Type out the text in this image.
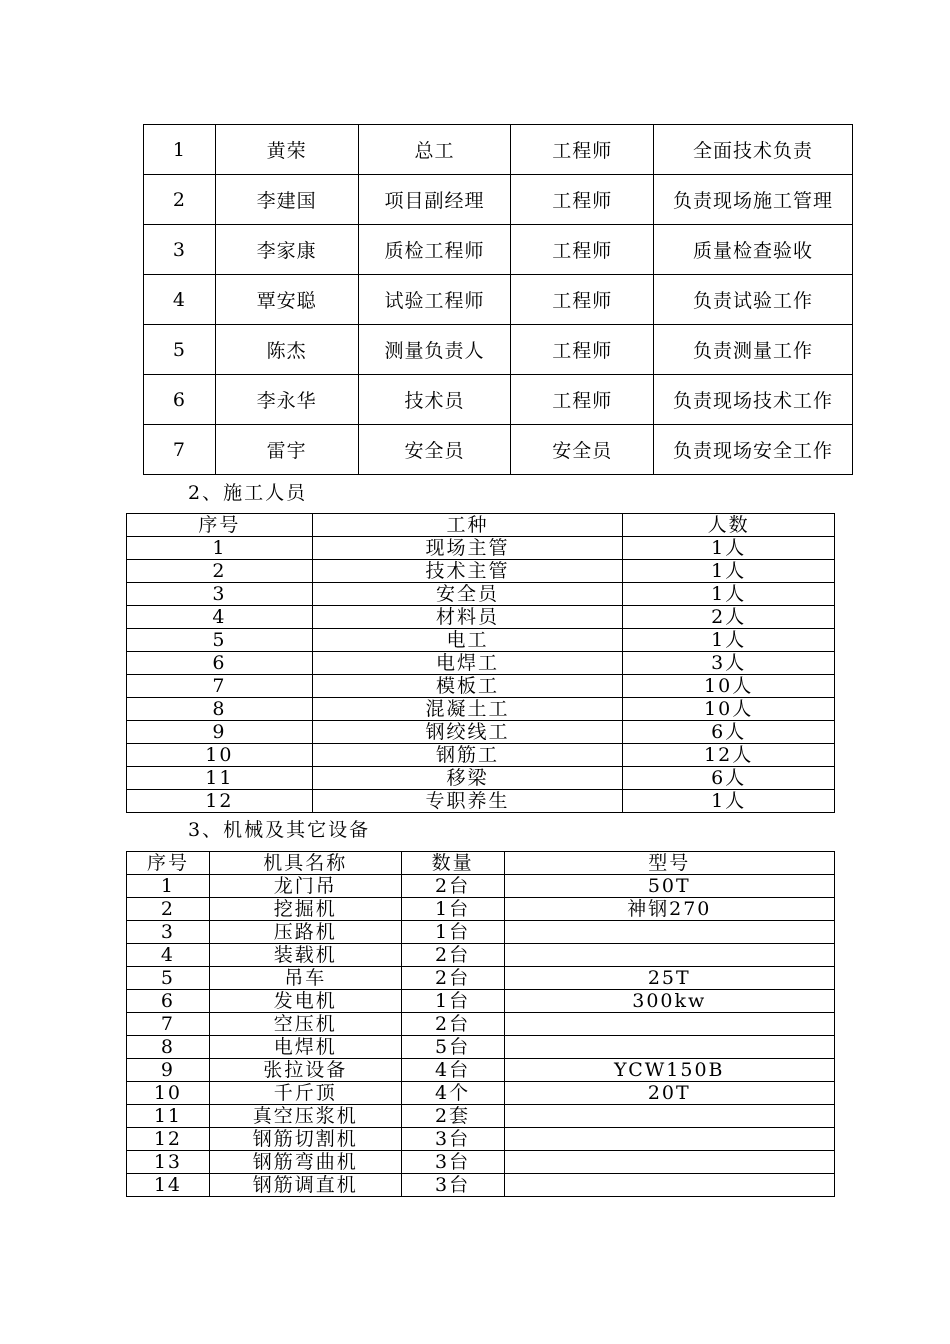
1	黄荣	总工	工程师	全面技术负责
2	李建国	项目副经理	工程师	负责现场施工管理
3	李家康	质检工程师	工程师	质量检查验收
4	覃安聪	试验工程师	工程师	负责试验工作
5	陈杰	测量负责人	工程师	负责测量工作
6	李永华	技术员	工程师	负责现场技术工作
7	雷宇	安全员	安全员	负责现场安全工作
2、施工人员
序号	工种	人数
1	现场主管	1人
2	技术主管	1人
3	安全员	1人
4	材料员	2人
5	电工	1人
6	电焊工	3人
7	模板工	10人
8	混凝土工	10人
9	钢绞线工	6人
10	钢筋工	12人
11	移梁	6人
12	专职养生	1人
3、机械及其它设备
序号	机具名称	数量	型号
1	龙门吊	2台	50T
2	挖掘机	1台	神钢270
3	压路机	1台	
4	装载机	2台	
5	吊车	2台	25T
6	发电机	1台	300kw
7	空压机	2台	
8	电焊机	5台	
9	张拉设备	4台	YCW150B
10	千斤顶	4个	20T
11	真空压浆机	2套	
12	钢筋切割机	3台	
13	钢筋弯曲机	3台	
14	钢筋调直机	3台	
